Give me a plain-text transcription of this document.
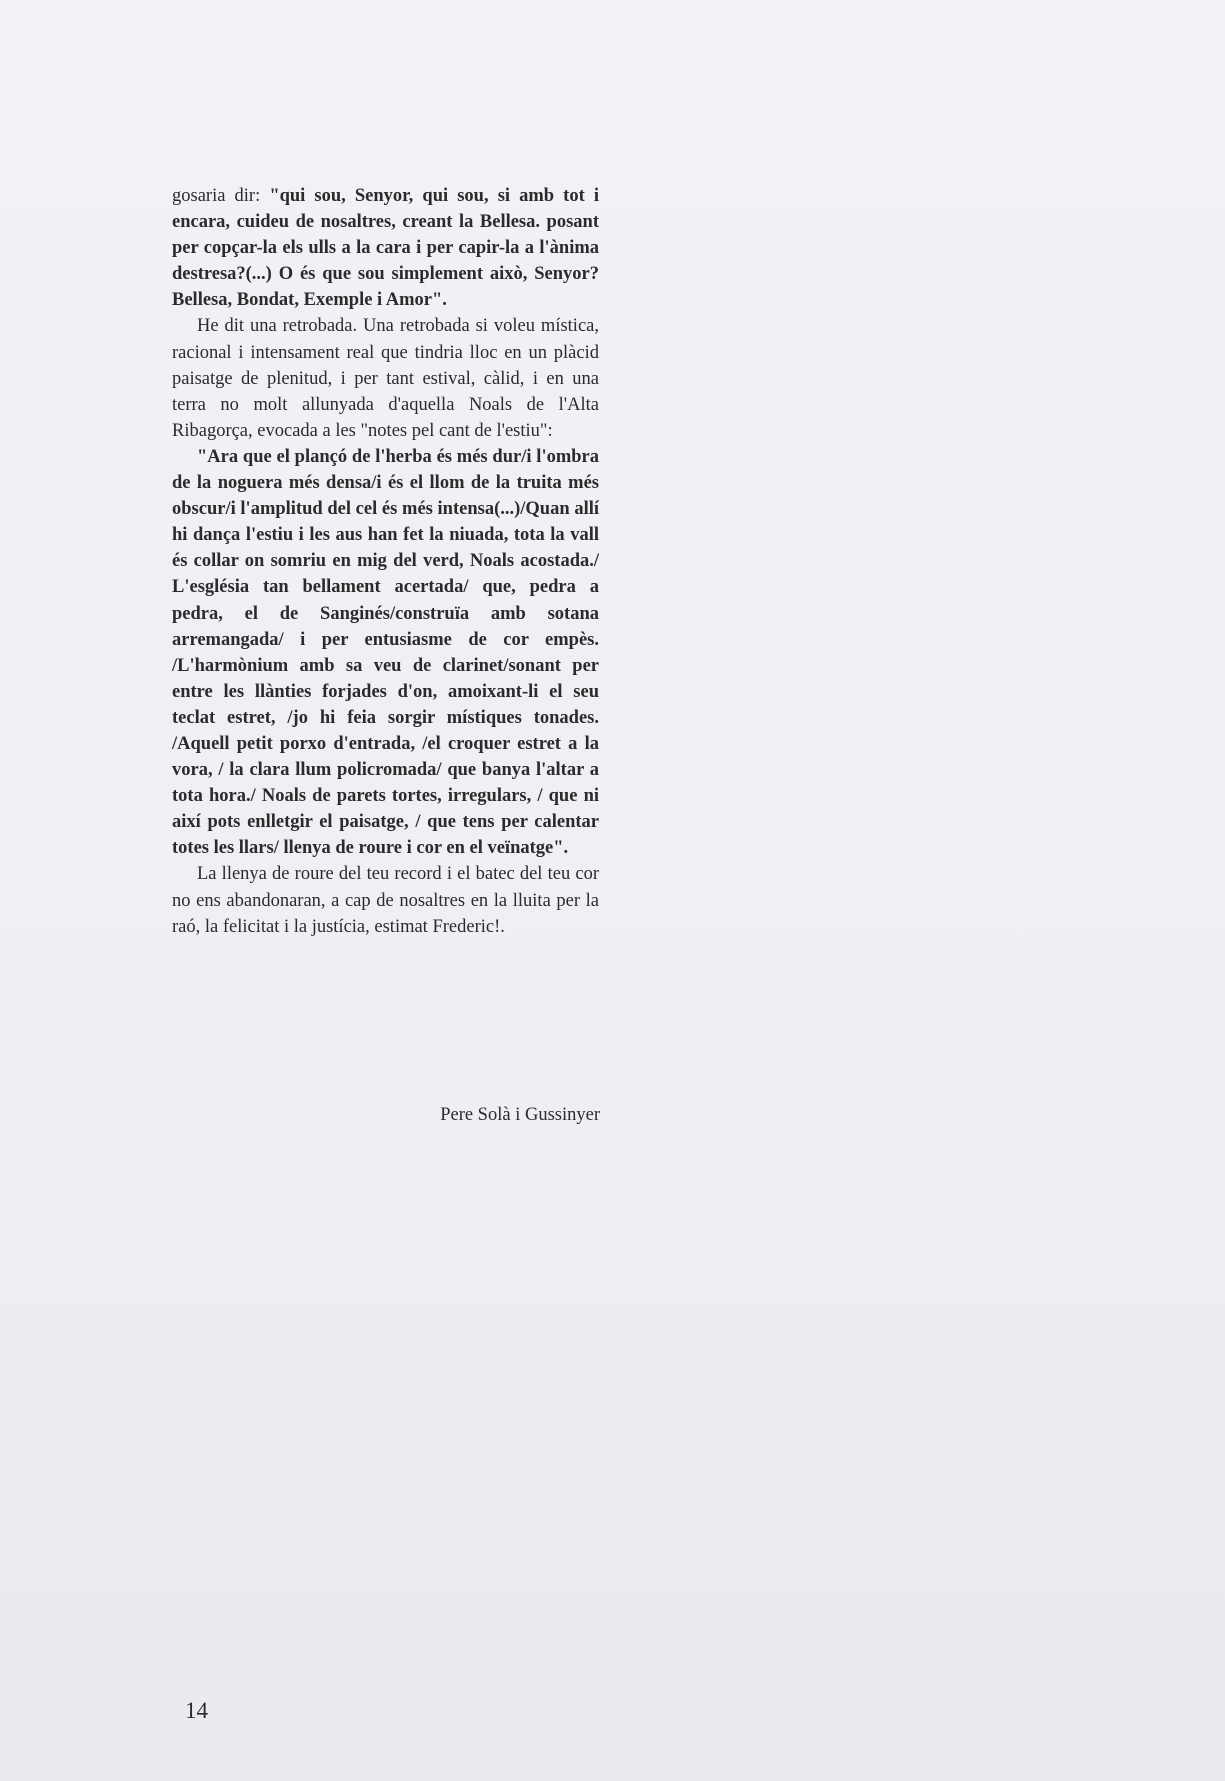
gosaria dir: "qui sou, Senyor, qui sou, si amb tot i encara, cuideu de nosaltres, creant la Bellesa. posant per copçar-la els ulls a la cara i per capir-la a l'ànima destresa?(...) O és que sou simplement això, Senyor? Bellesa, Bondat, Exemple i Amor".

He dit una retrobada. Una retrobada si voleu mística, racional i intensament real que tindria lloc en un plàcid paisatge de plenitud, i per tant estival, càlid, i en una terra no molt allunyada d'aquella Noals de l'Alta Ribagorça, evocada a les "notes pel cant de l'estiu":

"Ara que el plançó de l'herba és més dur/i l'ombra de la noguera més densa/i és el llom de la truita més obscur/i l'amplitud del cel és més intensa(...)/Quan allí hi dança l'estiu i les aus han fet la niuada, tota la vall és collar on somriu en mig del verd, Noals acostada./ L'església tan bellament acertada/ que, pedra a pedra, el de Sanginés/construïa amb sotana arremangada/ i per entusiasme de cor empès. /L'harmònium amb sa veu de clarinet/sonant per entre les llànties forjades d'on, amoixant-li el seu teclat estret, /jo hi feia sorgir místiques tonades. /Aquell petit porxo d'entrada, /el croquer estret a la vora, / la clara llum policromada/ que banya l'altar a tota hora./ Noals de parets tortes, irregulars, / que ni així pots enlletgir el paisatge, / que tens per calentar totes les llars/ llenya de roure i cor en el veïnatge".

La llenya de roure del teu record i el batec del teu cor no ens abandonaran, a cap de nosaltres en la lluita per la raó, la felicitat i la justícia, estimat Frederic!.

Pere Solà i Gussinyer
14
